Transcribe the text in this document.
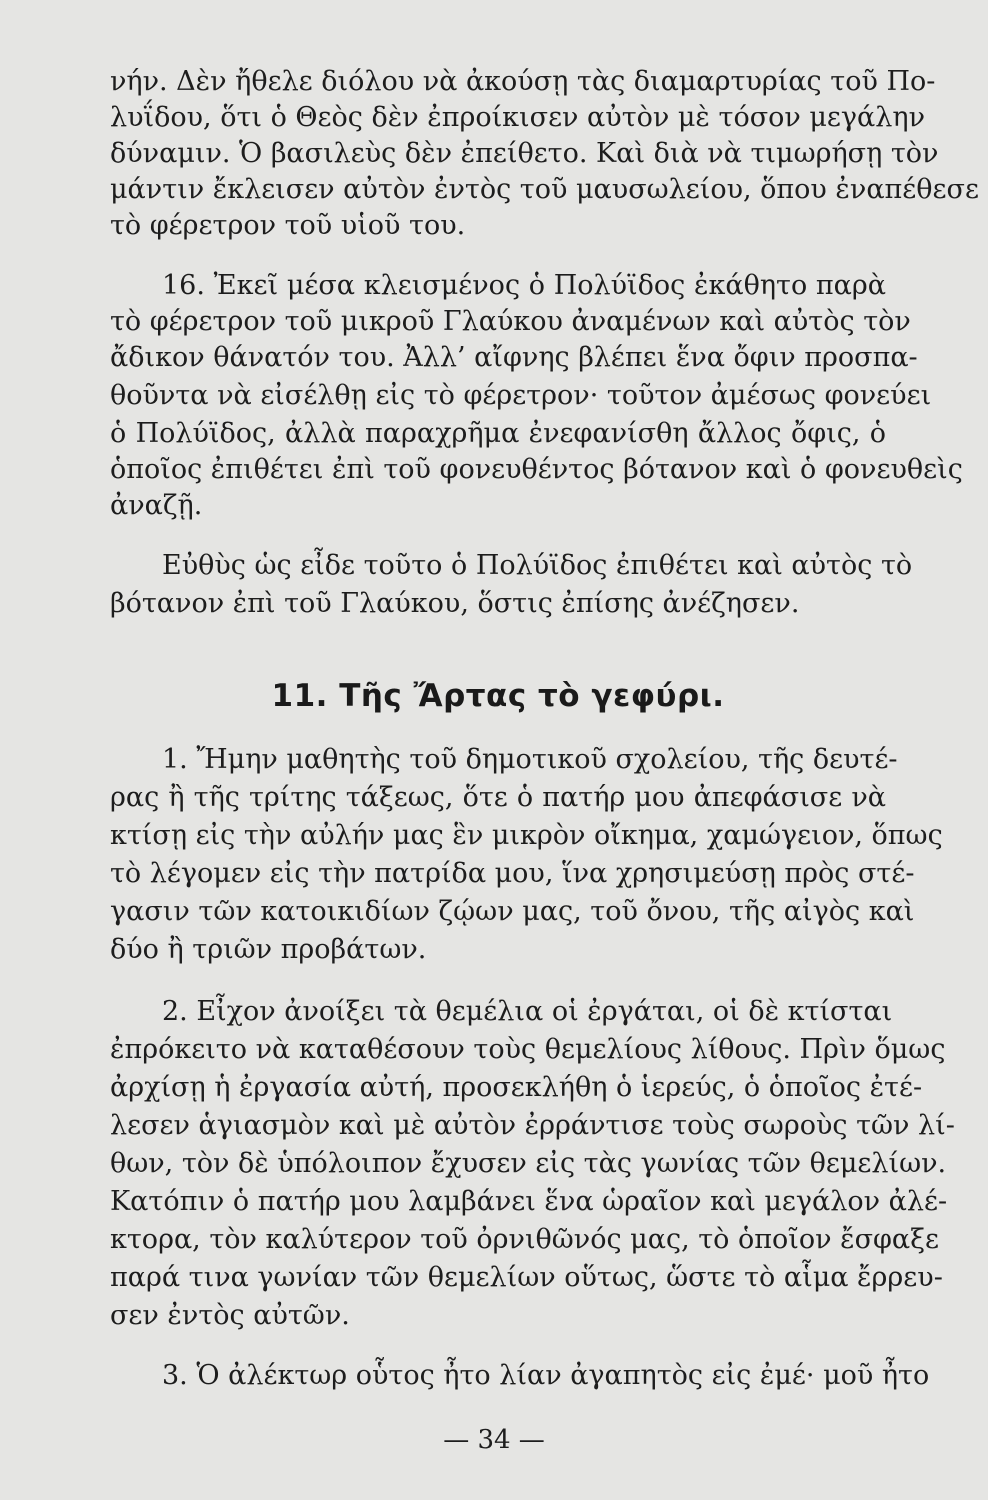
νήν. Δὲν ἤθελε διόλου νὰ ἀκούσῃ τὰς διαμαρτυρίας τοῦ Πο-
λυΐδου, ὅτι ὁ Θεὸς δὲν ἐπροίκισεν αὐτὸν μὲ τόσον μεγάλην
δύναμιν. Ὁ βασιλεὺς δὲν ἐπείθετο. Καὶ διὰ νὰ τιμωρήσῃ τὸν
μάντιν ἔκλεισεν αὐτὸν ἐντὸς τοῦ μαυσωλείου, ὅπου ἐναπέθεσε
τὸ φέρετρον τοῦ υἱοῦ του.
16. Ἐκεῖ μέσα κλεισμένος ὁ Πολύϊδος ἐκάθητο παρὰ
τὸ φέρετρον τοῦ μικροῦ Γλαύκου ἀναμένων καὶ αὐτὸς τὸν
ἄδικον θάνατόν του. Ἀλλ’ αἴφνης βλέπει ἕνα ὄφιν προσπα-
θοῦντα νὰ εἰσέλθῃ εἰς τὸ φέρετρον· τοῦτον ἀμέσως φονεύει
ὁ Πολύϊδος, ἀλλὰ παραχρῆμα ἐνεφανίσθη ἄλλος ὄφις, ὁ
ὁποῖος ἐπιθέτει ἐπὶ τοῦ φονευθέντος βότανον καὶ ὁ φονευθεὶς
ἀναζῇ.
Εὐθὺς ὡς εἶδε τοῦτο ὁ Πολύϊδος ἐπιθέτει καὶ αὐτὸς τὸ
βότανον ἐπὶ τοῦ Γλαύκου, ὅστις ἐπίσης ἀνέζησεν.
11. Τῆς Ἄρτας τὸ γεφύρι.
1. Ἤμην μαθητὴς τοῦ δημοτικοῦ σχολείου, τῆς δευτέ-
ρας ἢ τῆς τρίτης τάξεως, ὅτε ὁ πατήρ μου ἀπεφάσισε νὰ
κτίσῃ εἰς τὴν αὐλήν μας ἓν μικρὸν οἴκημα, χαμώγειον, ὅπως
τὸ λέγομεν εἰς τὴν πατρίδα μου, ἵνα χρησιμεύσῃ πρὸς στέ-
γασιν τῶν κατοικιδίων ζῴων μας, τοῦ ὄνου, τῆς αἰγὸς καὶ
δύο ἢ τριῶν προβάτων.
2. Εἶχον ἀνοίξει τὰ θεμέλια οἱ ἐργάται, οἱ δὲ κτίσται
ἐπρόκειτο νὰ καταθέσουν τοὺς θεμελίους λίθους. Πρὶν ὅμως
ἀρχίσῃ ἡ ἐργασία αὐτή, προσεκλήθη ὁ ἱερεύς, ὁ ὁποῖος ἐτέ-
λεσεν ἁγιασμὸν καὶ μὲ αὐτὸν ἐρράντισε τοὺς σωροὺς τῶν λί-
θων, τὸν δὲ ὑπόλοιπον ἔχυσεν εἰς τὰς γωνίας τῶν θεμελίων.
Κατόπιν ὁ πατήρ μου λαμβάνει ἕνα ὡραῖον καὶ μεγάλον ἀλέ-
κτορα, τὸν καλύτερον τοῦ ὀρνιθῶνός μας, τὸ ὁποῖον ἔσφαξε
παρά τινα γωνίαν τῶν θεμελίων οὕτως, ὥστε τὸ αἷμα ἔρρευ-
σεν ἐντὸς αὐτῶν.
3. Ὁ ἀλέκτωρ οὗτος ἦτο λίαν ἀγαπητὸς εἰς ἐμέ· μοῦ ἦτο
— 34 —
